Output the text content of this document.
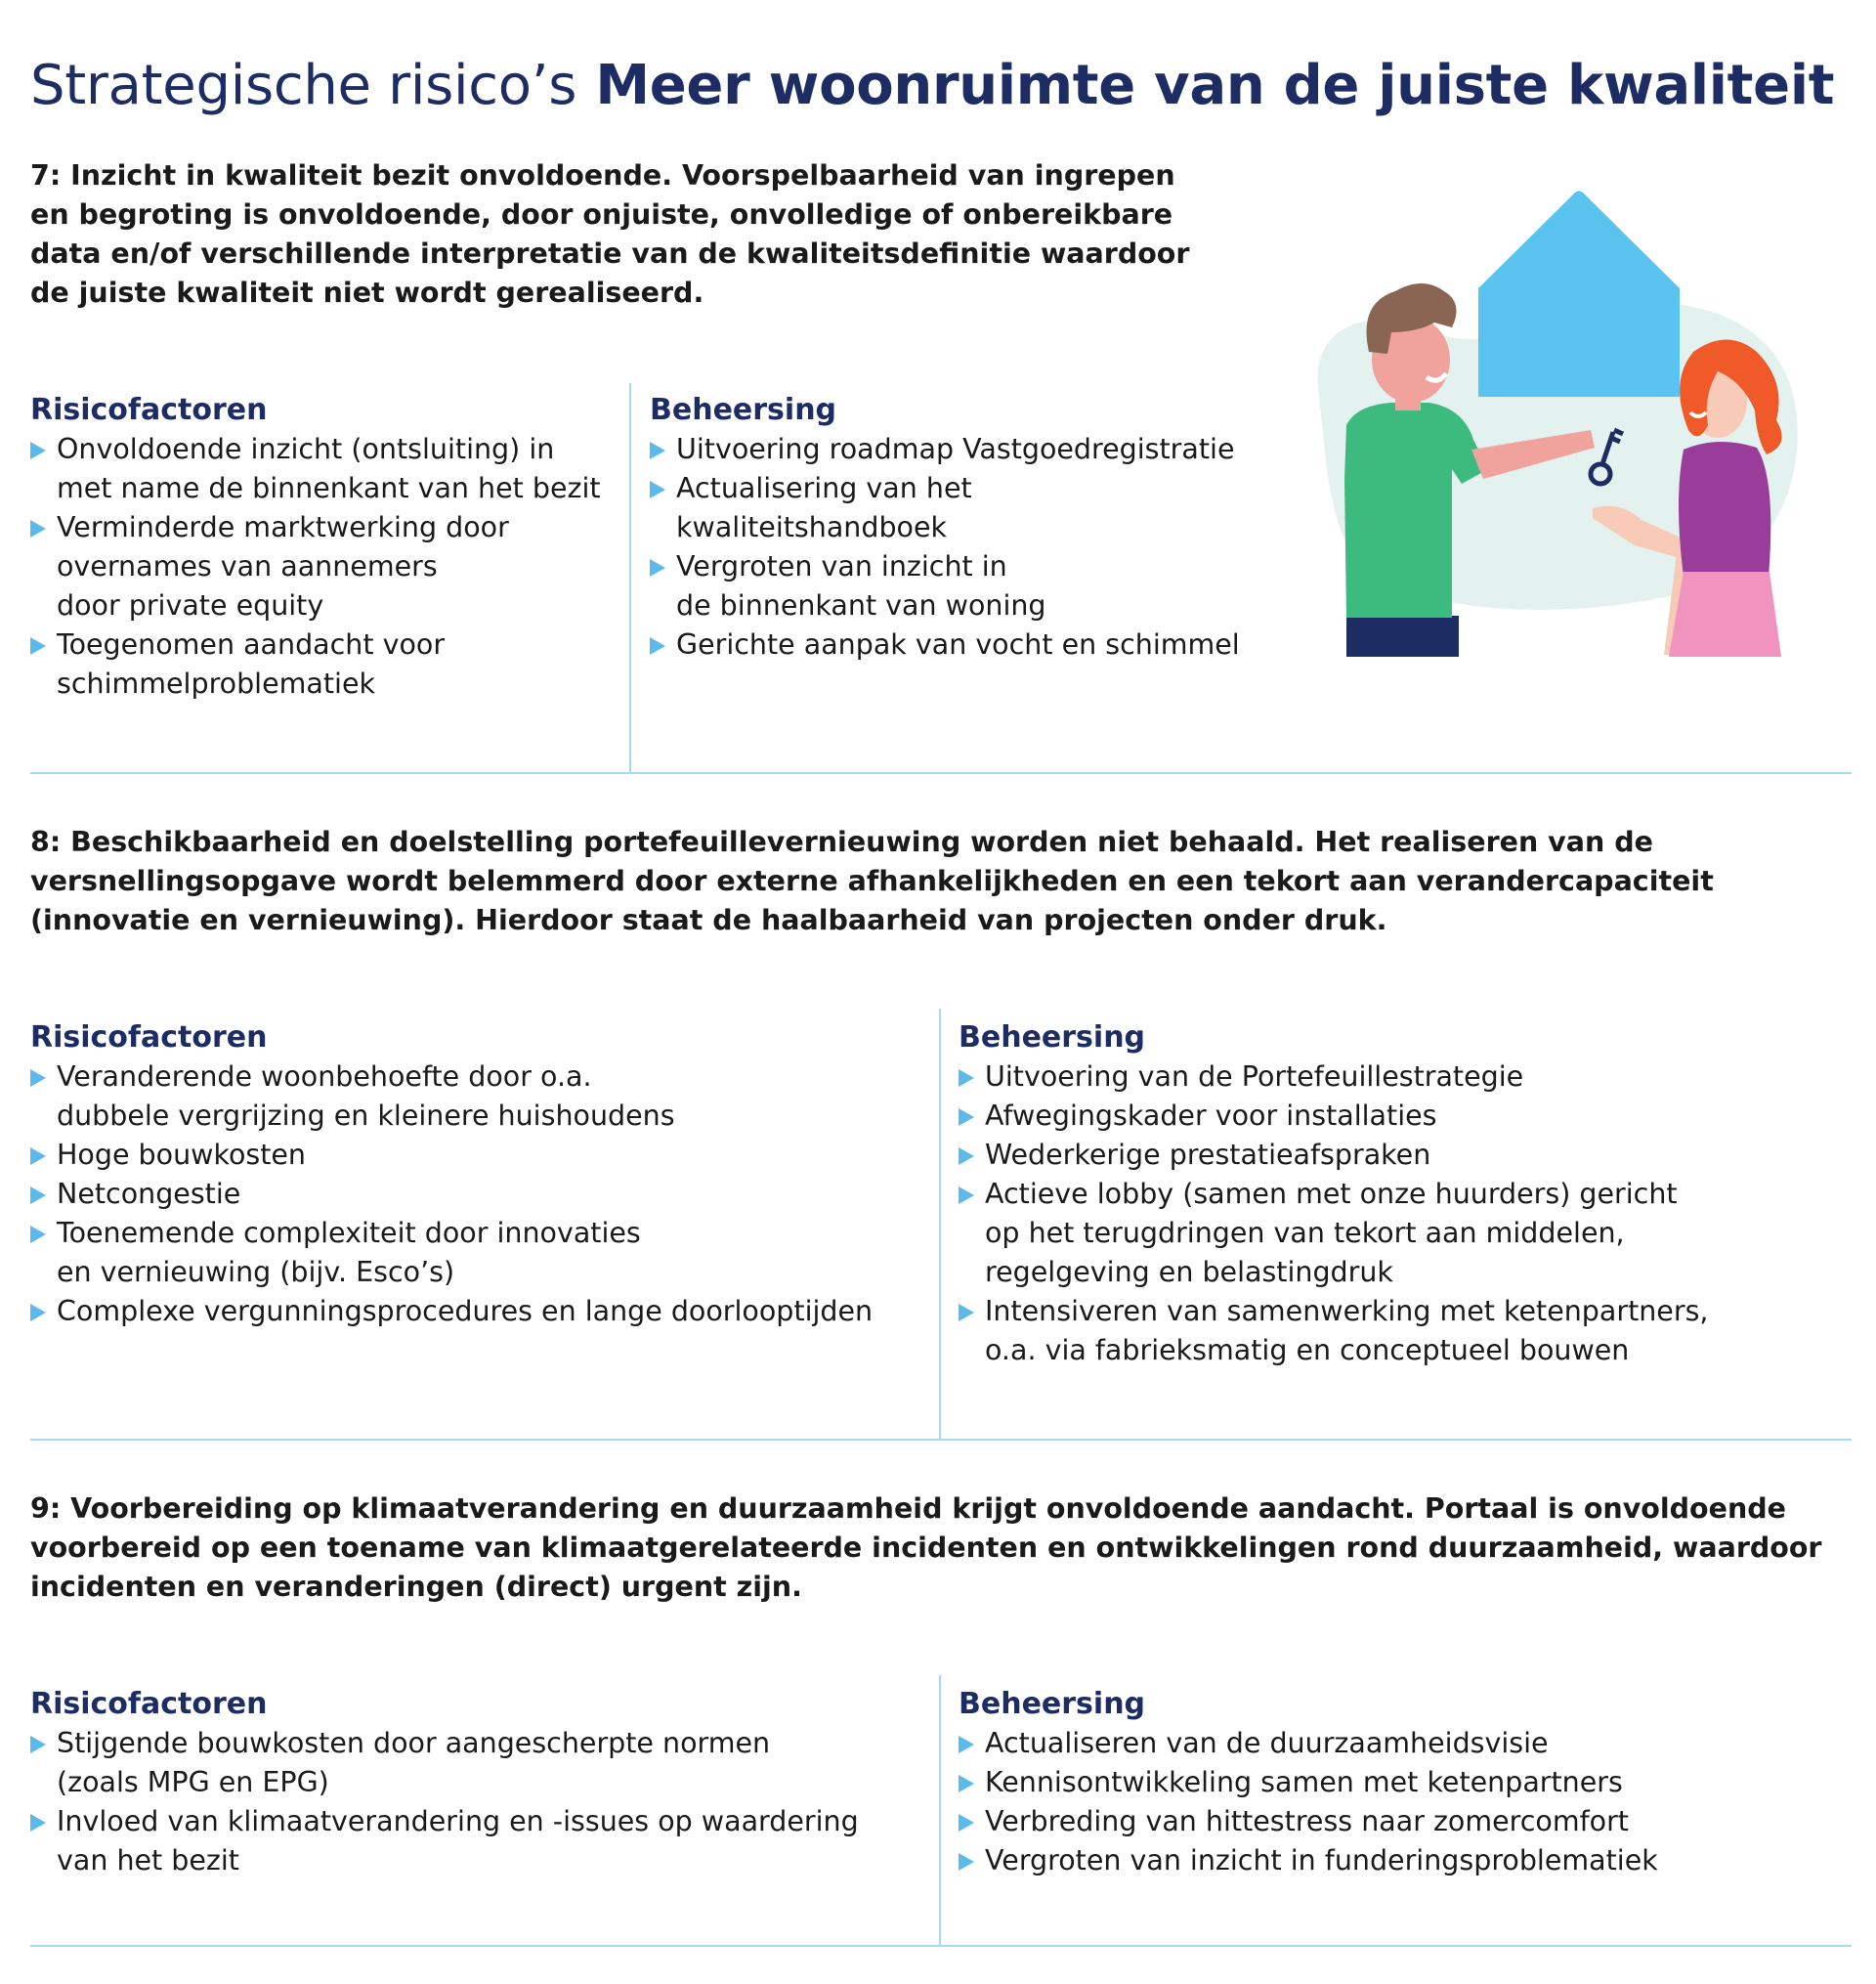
Strategische risico’s Meer woonruimte van de juiste kwaliteit

7: Inzicht in kwaliteit bezit onvoldoende. Voorspelbaarheid van ingrepen en begroting is onvoldoende, door onjuiste, onvolledige of onbereikbare data en/of verschillende interpretatie van de kwaliteitsdefinitie waardoor de juiste kwaliteit niet wordt gerealiseerd.

Risicofactoren
Onvoldoende inzicht (ontsluiting) in
met name de binnenkant van het bezit
Verminderde marktwerking door
overnames van aannemers
door private equity
Toegenomen aandacht voor
schimmelproblematiek
Beheersing
Uitvoering roadmap Vastgoedregistratie
Actualisering van het
kwaliteitshandboek
Vergroten van inzicht in
de binnenkant van woning
Gerichte aanpak van vocht en schimmel

8: Beschikbaarheid en doelstelling portefeuillevernieuwing worden niet behaald. Het realiseren van de versnellingsopgave wordt belemmerd door externe afhankelijkheden en een tekort aan verandercapaciteit (innovatie en vernieuwing). Hierdoor staat de haalbaarheid van projecten onder druk.

Risicofactoren
Veranderende woonbehoefte door o.a.
dubbele vergrijzing en kleinere huishoudens
Hoge bouwkosten
Netcongestie
Toenemende complexiteit door innovaties
en vernieuwing (bijv. Esco’s)
Complexe vergunningsprocedures en lange doorlooptijden
Beheersing
Uitvoering van de Portefeuillestrategie
Afwegingskader voor installaties
Wederkerige prestatieafspraken
Actieve lobby (samen met onze huurders) gericht
op het terugdringen van tekort aan middelen,
regelgeving en belastingdruk
Intensiveren van samenwerking met ketenpartners,
o.a. via fabrieksmatig en conceptueel bouwen

9: Voorbereiding op klimaatverandering en duurzaamheid krijgt onvoldoende aandacht. Portaal is onvoldoende voorbereid op een toename van klimaatgerelateerde incidenten en ontwikkelingen rond duurzaamheid, waardoor incidenten en veranderingen (direct) urgent zijn.

Risicofactoren
Stijgende bouwkosten door aangescherpte normen
(zoals MPG en EPG)
Invloed van klimaatverandering en -issues op waardering
van het bezit
Beheersing
Actualiseren van de duurzaamheidsvisie
Kennisontwikkeling samen met ketenpartners
Verbreding van hittestress naar zomercomfort
Vergroten van inzicht in funderingsproblematiek
